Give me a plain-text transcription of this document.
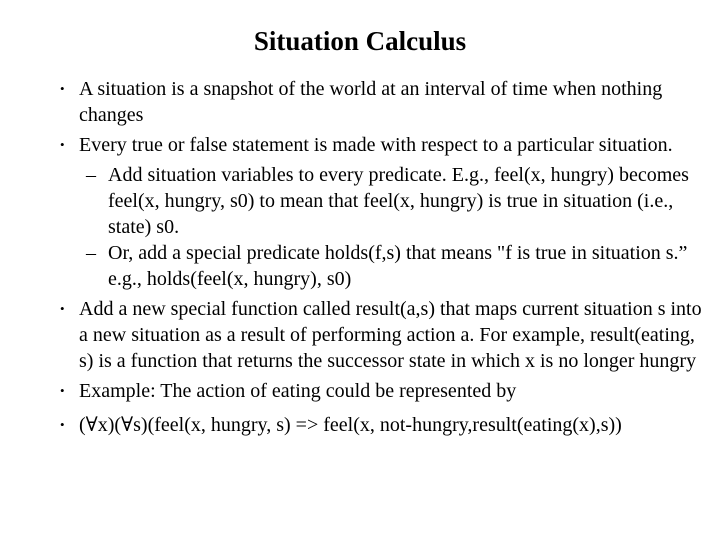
Situation Calculus
• A situation is a snapshot of the world at an interval of time when nothing changes
• Every true or false statement is made with respect to a particular situation.
– Add situation variables to every predicate. E.g., feel(x, hungry) becomes feel(x, hungry, s0) to mean that feel(x, hungry) is true in situation (i.e., state) s0.
– Or, add a special predicate holds(f,s) that means "f is true in situation s.” e.g., holds(feel(x, hungry), s0)
• Add a new special function called result(a,s) that maps current situation s into a new situation as a result of performing action a. For example, result(eating, s) is a function that returns the successor state in which x is no longer hungry
• Example: The action of eating could be represented by
• (∀x)(∀s)(feel(x, hungry, s) => feel(x, not-hungry,result(eating(x),s))
